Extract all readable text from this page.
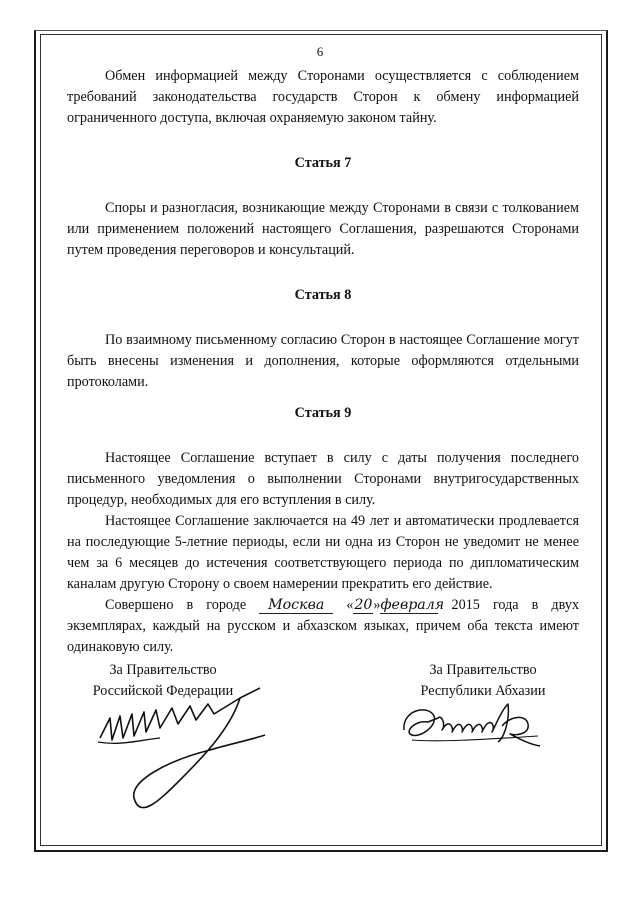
6

Обмен информацией между Сторонами осуществляется с соблюдением требований законодательства государств Сторон к обмену информацией ограниченного доступа, включая охраняемую законом тайну.

Статья 7

Споры и разногласия, возникающие между Сторонами в связи с толкованием или применением положений настоящего Соглашения, разрешаются Сторонами путем проведения переговоров и консультаций.

Статья 8

По взаимному письменному согласию Сторон в настоящее Соглашение могут быть внесены изменения и дополнения, которые оформляются отдельными протоколами.

Статья 9

Настоящее Соглашение вступает в силу с даты получения последнего письменного уведомления о выполнении Сторонами внутригосударственных процедур, необходимых для его вступления в силу.

Настоящее Соглашение заключается на 49 лет и автоматически продлевается на последующие 5-летние периоды, если ни одна из Сторон не уведомит не менее чем за 6 месяцев до истечения соответствующего периода по дипломатическим каналам другую Сторону о своем намерении прекратить его действие.

Совершено в городе Москва «20»февраля 2015 года в двух экземплярах, каждый на русском и абхазском языках, причем оба текста имеют одинаковую силу.

За Правительство
Российской Федерации
За Правительство
Республики Абхазии
